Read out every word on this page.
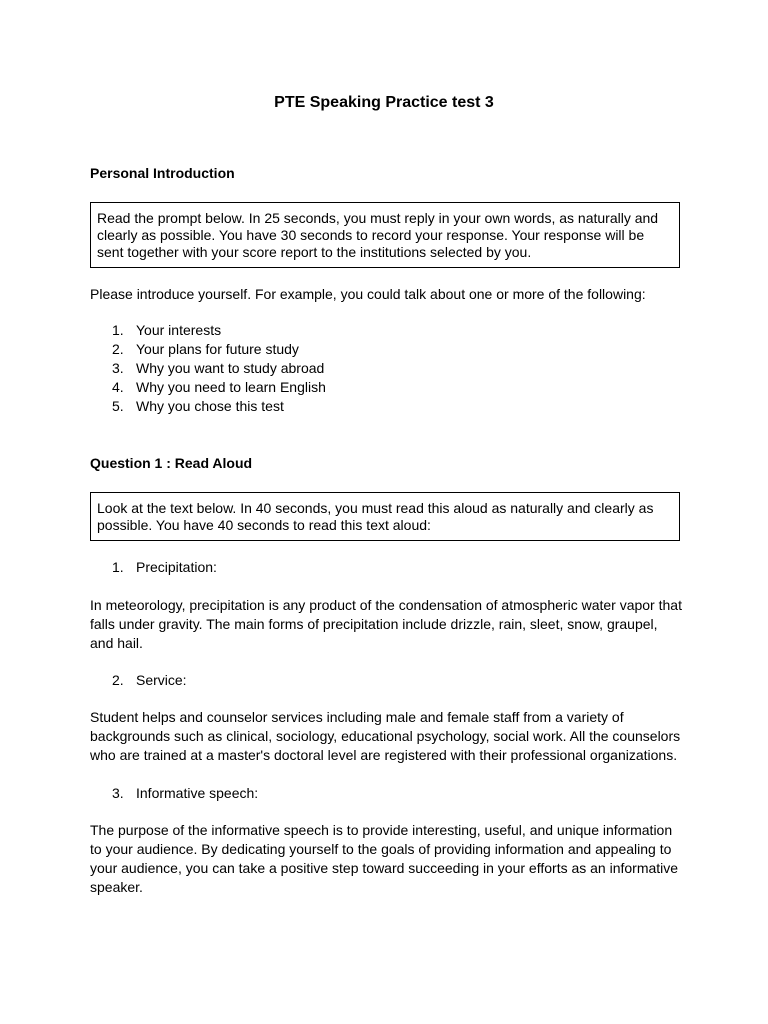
PTE Speaking Practice test 3
Personal Introduction
Read the prompt below. In 25 seconds, you must reply in your own words, as naturally and clearly as possible. You have 30 seconds to record your response. Your response will be sent together with your score report to the institutions selected by you.
Please introduce yourself. For example, you could talk about one or more of the following:
1. Your interests
2. Your plans for future study
3. Why you want to study abroad
4. Why you need to learn English
5. Why you chose this test
Question 1 : Read Aloud
Look at the text below. In 40 seconds, you must read this aloud as naturally and clearly as possible. You have 40 seconds to read this text aloud:
1. Precipitation:
In meteorology, precipitation is any product of the condensation of atmospheric water vapor that falls under gravity. The main forms of precipitation include drizzle, rain, sleet, snow, graupel, and hail.
2. Service:
Student helps and counselor services including male and female staff from a variety of backgrounds such as clinical, sociology, educational psychology, social work. All the counselors who are trained at a master's doctoral level are registered with their professional organizations.
3. Informative speech:
The purpose of the informative speech is to provide interesting, useful, and unique information to your audience. By dedicating yourself to the goals of providing information and appealing to your audience, you can take a positive step toward succeeding in your efforts as an informative speaker.
